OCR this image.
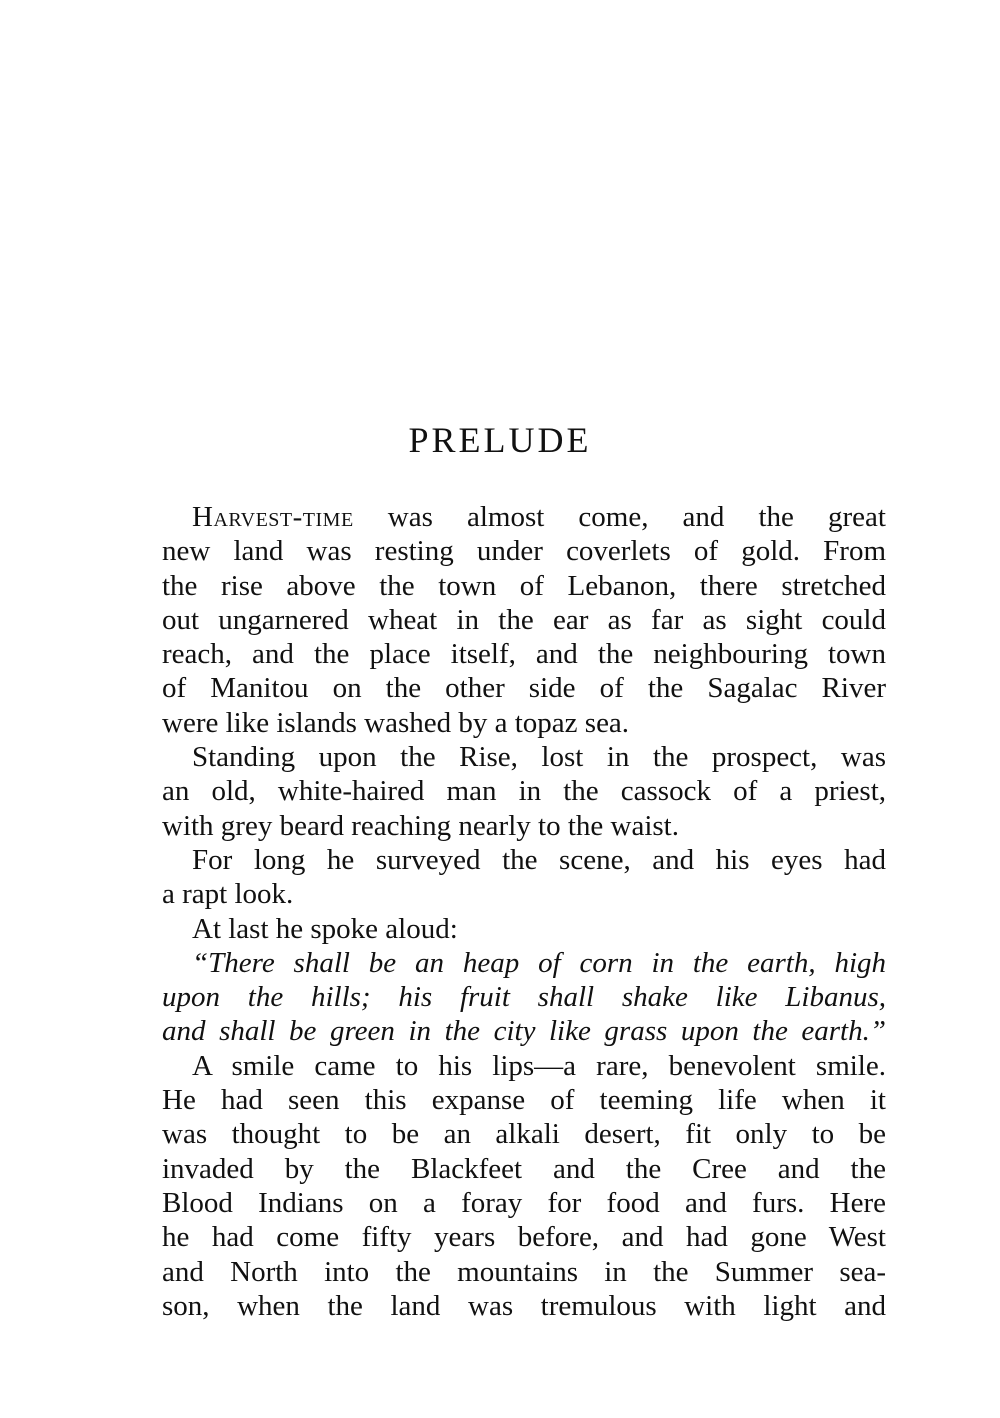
PRELUDE
Harvest-time was almost come, and the great
new land was resting under coverlets of gold. From
the rise above the town of Lebanon, there stretched
out ungarnered wheat in the ear as far as sight could
reach, and the place itself, and the neighbouring town
of Manitou on the other side of the Sagalac River
were like islands washed by a topaz sea.
Standing upon the Rise, lost in the prospect, was
an old, white-haired man in the cassock of a priest,
with grey beard reaching nearly to the waist.
For long he surveyed the scene, and his eyes had
a rapt look.
At last he spoke aloud:
“There shall be an heap of corn in the earth, high
upon the hills; his fruit shall shake like Libanus,
and shall be green in the city like grass upon the earth.”
A smile came to his lips—a rare, benevolent smile.
He had seen this expanse of teeming life when it
was thought to be an alkali desert, fit only to be
invaded by the Blackfeet and the Cree and the
Blood Indians on a foray for food and furs. Here
he had come fifty years before, and had gone West
and North into the mountains in the Summer sea-
son, when the land was tremulous with light and
